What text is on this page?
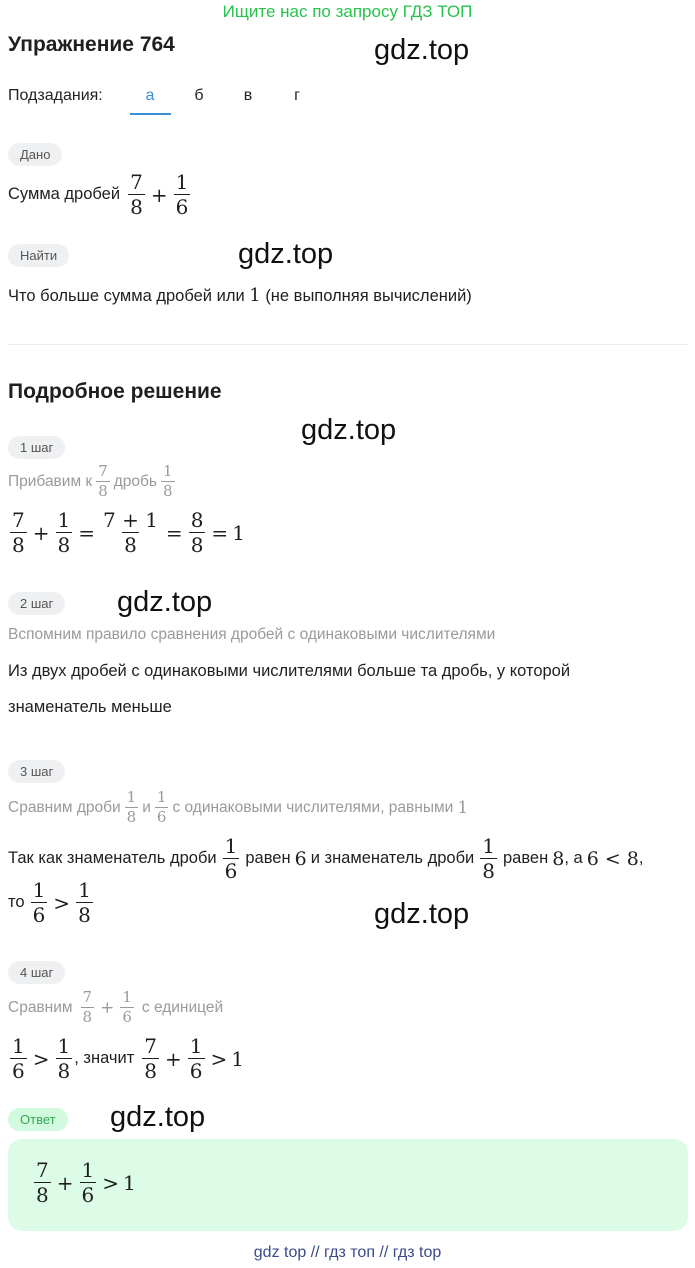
Ищите нас по запросу ГДЗ ТОП
Упражнение 764	gdz.top
Подзадания:	а	б	в	г
Дано
Сумма дробей $\frac{7}{8} + \frac{1}{6}$
Найти	gdz.top
Что больше сумма дробей или 1 (не выполняя вычислений)
Подробное решение
gdz.top
1 шаг
Прибавим к $\frac{7}{8}$ дробь $\frac{1}{8}$
$\frac{7}{8} + \frac{1}{8} = \frac{7 + 1}{8} = \frac{8}{8} = 1$
2 шаг	gdz.top
Вспомним правило сравнения дробей с одинаковыми числителями
Из двух дробей с одинаковыми числителями больше та дробь, у которой
знаменатель меньше
3 шаг
Сравним дроби $\frac{1}{8}$ и $\frac{1}{6}$ с одинаковыми числителями, равными 1
Так как знаменатель дроби $\frac{1}{6}$ равен 6 и знаменатель дроби $\frac{1}{8}$ равен 8 , а 6 < 8 ,
то $\frac{1}{6} > \frac{1}{8}$	gdz.top
4 шаг
Сравним $\frac{7}{8} + \frac{1}{6}$ с единицей
$\frac{1}{6} > \frac{1}{8}$ , значит $\frac{7}{8} + \frac{1}{6} > 1$
Ответ	gdz.top
$\frac{7}{8} + \frac{1}{6} > 1$
gdz top // гдз топ // гдз top
